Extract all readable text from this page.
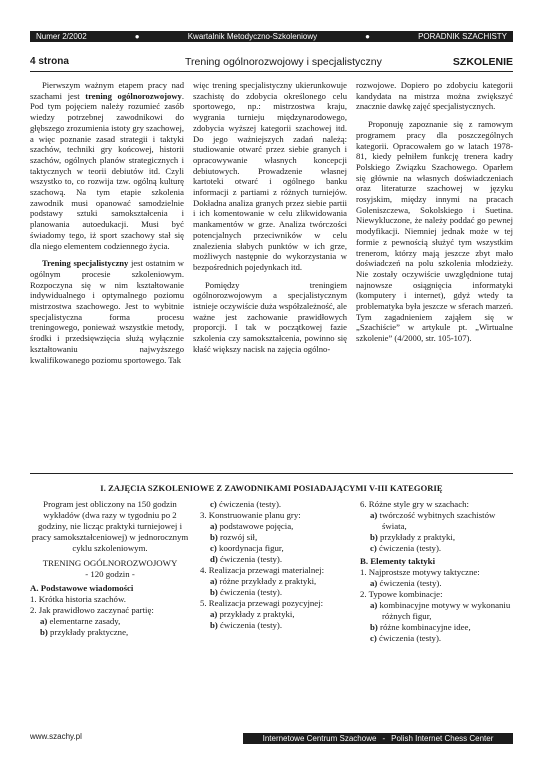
Numer 2/2002	●	Kwartalnik Metodyczno-Szkoleniowy	●	PORADNIK SZACHISTY
4 strona	Trening ogólnorozwojowy i specjalistyczny	SZKOLENIE

Pierwszym ważnym etapem pracy nad szachami jest trening ogólnorozwojowy. Pod tym pojęciem należy rozumieć zasób wiedzy potrzebnej zawodnikowi do głębszego zrozumienia istoty gry szachowej, a więc poznanie zasad strategii i taktyki szachów, techniki gry końcowej, historii szachów, ogólnych planów strategicznych i taktycznych w teorii debiutów itd. Czyli wszystko to, co rozwija tzw. ogólną kulturę szachową. Na tym etapie szkolenia zawodnik musi opanować samodzielnie podstawy sztuki samokształcenia i planowania autoedukacji. Musi być świadomy tego, iż sport szachowy stał się dla niego elementem codziennego życia.

Trening specjalistyczny jest ostatnim w ogólnym procesie szkoleniowym. Rozpoczyna się w nim kształtowanie indywidualnego i optymalnego poziomu mistrzostwa szachowego. Jest to wybitnie specjalistyczna forma procesu treningowego, ponieważ wszystkie metody, środki i przedsięwzięcia służą wyłącznie kształtowaniu najwyższego kwalifikowanego poziomu sportowego. Tak

więc trening specjalistyczny ukierunkowuje szachistę do zdobycia określonego celu sportowego, np.: mistrzostwa kraju, wygrania turnieju międzynarodowego, zdobycia wyższej kategorii szachowej itd. Do jego ważniejszych zadań należą: studiowanie otwarć przez siebie granych i opracowywanie własnych koncepcji debiutowych. Prowadzenie własnej kartoteki otwarć i ogólnego banku informacji z partiami z różnych turniejów. Dokładna analiza granych przez siebie partii i ich komentowanie w celu zlikwidowania mankamentów w grze. Analiza twórczości potencjalnych przeciwników w celu znalezienia słabych punktów w ich grze, możliwych następnie do wykorzystania w bezpośrednich pojedynkach itd.

Pomiędzy treningiem ogólnorozwojowym a specjalistycznym istnieje oczywiście duża współzależność, ale ważne jest zachowanie prawidłowych proporcji. I tak w początkowej fazie szkolenia czy samokształcenia, powinno się kłaść większy nacisk na zajęcia ogólno-

rozwojowe. Dopiero po zdobyciu kategorii kandydata na mistrza można zwiększyć znacznie dawkę zajęć specjalistycznych.

Proponuję zapoznanie się z ramowym programem pracy dla poszczególnych kategorii. Opracowałem go w latach 1978-81, kiedy pełniłem funkcję trenera kadry Polskiego Związku Szachowego. Oparłem się głównie na własnych doświadczeniach oraz literaturze szachowej w języku rosyjskim, między innymi na pracach Goleniszczewa, Sokolskiego i Suetina. Niewykluczone, że należy poddać go pewnej modyfikacji. Niemniej jednak może w tej formie z pewnością służyć tym wszystkim trenerom, którzy mają jeszcze zbyt mało doświadczeń na polu szkolenia młodzieży. Nie zostały oczywiście uwzględnione tutaj najnowsze osiągnięcia informatyki (komputery i internet), gdyż wtedy ta problematyka była jeszcze w sferach marzeń. Tym zagadnieniem zająłem się w „Szachiście” w artykule pt. „Wirtualne szkolenie” (4/2000, str. 105-107).

I. ZAJĘCIA SZKOLENIOWE Z ZAWODNIKAMI POSIADAJĄCYMI V-III KATEGORIĘ
Program jest obliczony na 150 godzin wykładów (dwa razy w tygodniu po 2 godziny, nie licząc praktyki turniejowej i pracy samokształceniowej) w jednorocznym cyklu szkoleniowym.
TRENING OGÓLNOROZWOJOWY
- 120 godzin -
A. Podstawowe wiadomości
1. Krótka historia szachów.
2. Jak prawidłowo zaczynać partię:
a) elementarne zasady,
b) przykłady praktyczne,
c) ćwiczenia (testy).
3. Konstruowanie planu gry:
a) podstawowe pojęcia,
b) rozwój sił,
c) koordynacja figur,
d) ćwiczenia (testy).
4. Realizacja przewagi materialnej:
a) różne przykłady z praktyki,
b) ćwiczenia (testy).
5. Realizacja przewagi pozycyjnej:
a) przykłady z praktyki,
b) ćwiczenia (testy).
6. Różne style gry w szachach:
a) twórczość wybitnych szachistów świata,
b) przykłady z praktyki,
c) ćwiczenia (testy).
B. Elementy taktyki
1. Najprostsze motywy taktyczne:
a) ćwiczenia (testy).
2. Typowe kombinacje:
a) kombinacyjne motywy w wykonaniu różnych figur,
b) różne kombinacyjne idee,
c) ćwiczenia (testy).
www.szachy.pl	Internetowe Centrum Szachowe - Polish Internet Chess Center
